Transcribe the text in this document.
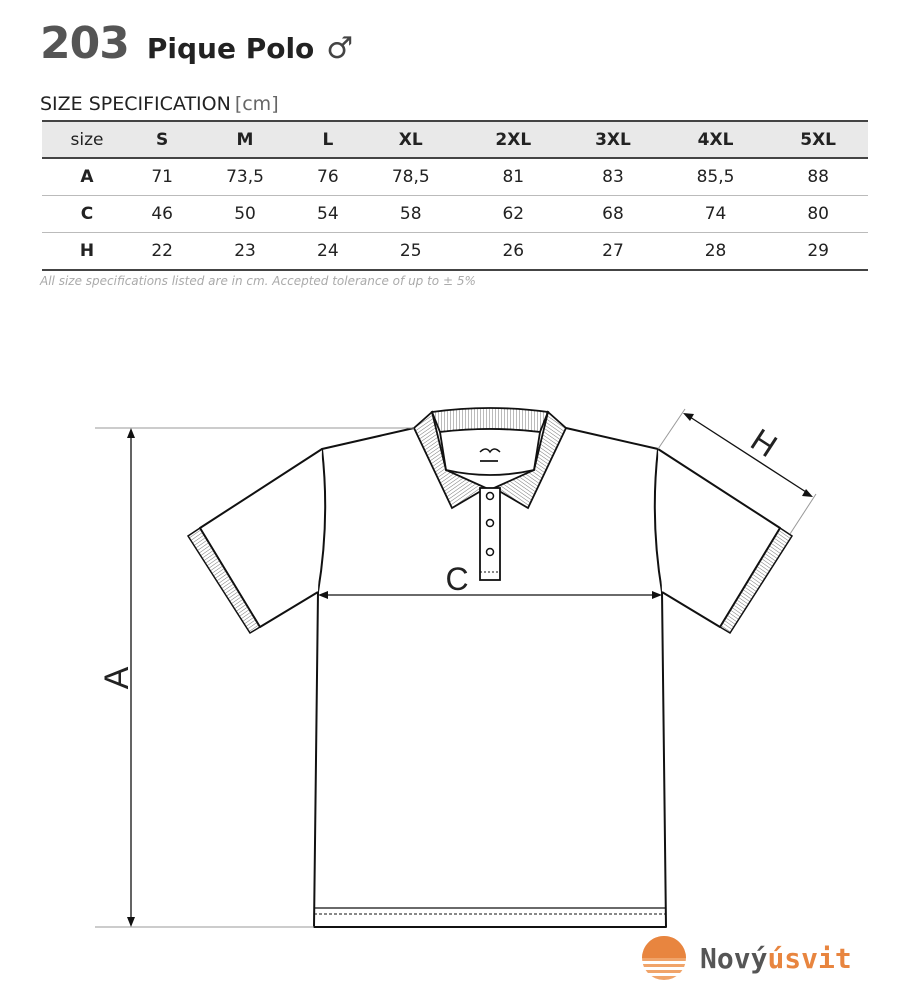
203 Pique Polo ♂
SIZE SPECIFICATION [cm]
size	S	M	L	XL	2XL	3XL	4XL	5XL
A	71	73,5	76	78,5	81	83	85,5	88
C	46	50	54	58	62	68	74	80
H	22	23	24	25	26	27	28	29
All size specifications listed are in cm. Accepted tolerance of up to ± 5%
A
C
H
Novýúsvit
